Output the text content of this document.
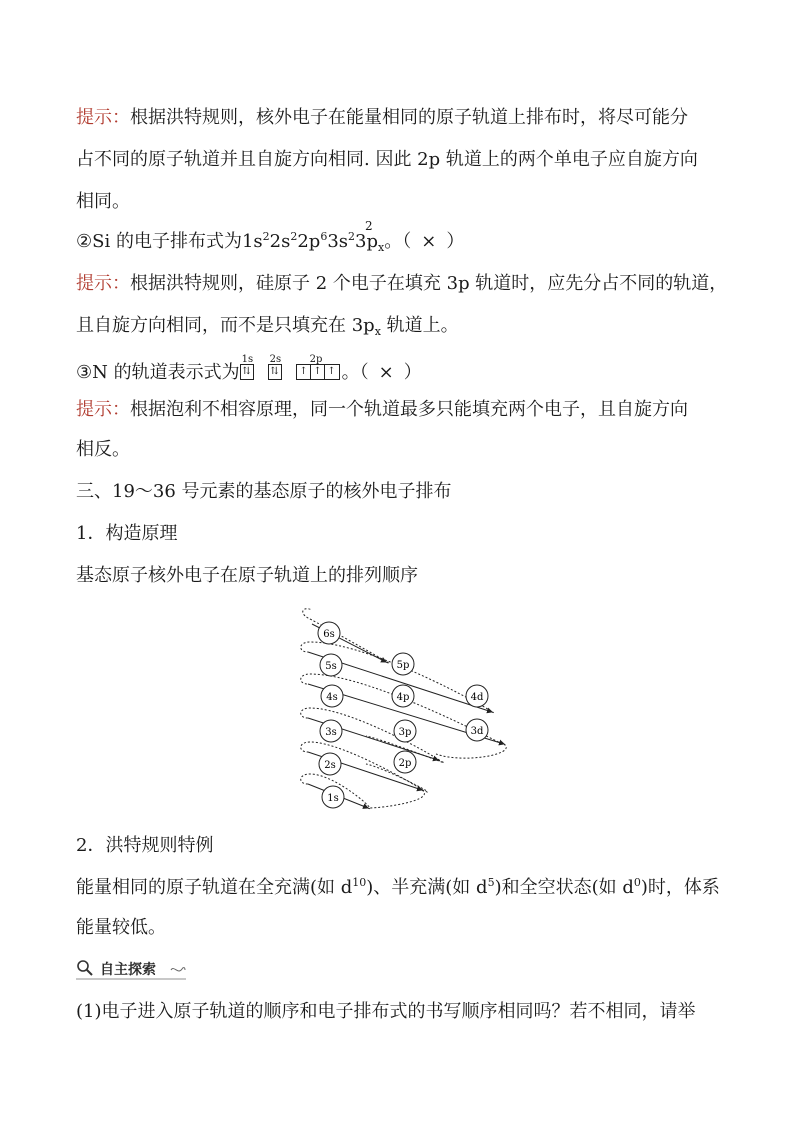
提示：根据洪特规则，核外电子在能量相同的原子轨道上排布时，将尽可能分
占不同的原子轨道并且自旋方向相同. 因此 2p 轨道上的两个单电子应自旋方向
相同。
②Si 的电子排布式为$1s^22s^22p^63s^23p_x$
2
。（ × ）
提示：根据洪特规则，硅原子 2 个电子在填充 3p 轨道时，应先分占不同的轨道，
且自旋方向相同，而不是只填充在 $3p_x$ 轨道上。
③N 的轨道表示式为
1s 2s	2p
⇅ ⇅	↑ ↑ ↑ 。（ × ）
提示：根据泡利不相容原理，同一个轨道最多只能填充两个电子，且自旋方向
相反。
三、19～36 号元素的基态原子的核外电子排布
1．构造原理
基态原子核外电子在原子轨道上的排列顺序
6s
5s	5p
4s	4p	4d
3s	3p	3d
2s	2p
1s
2．洪特规则特例
能量相同的原子轨道在全充满(如 $d^{10}$)、半充满(如 $d^5$)和全空状态(如 $d^0$)时，体系
能量较低。
自主探索
(1)电子进入原子轨道的顺序和电子排布式的书写顺序相同吗？若不相同，请举
